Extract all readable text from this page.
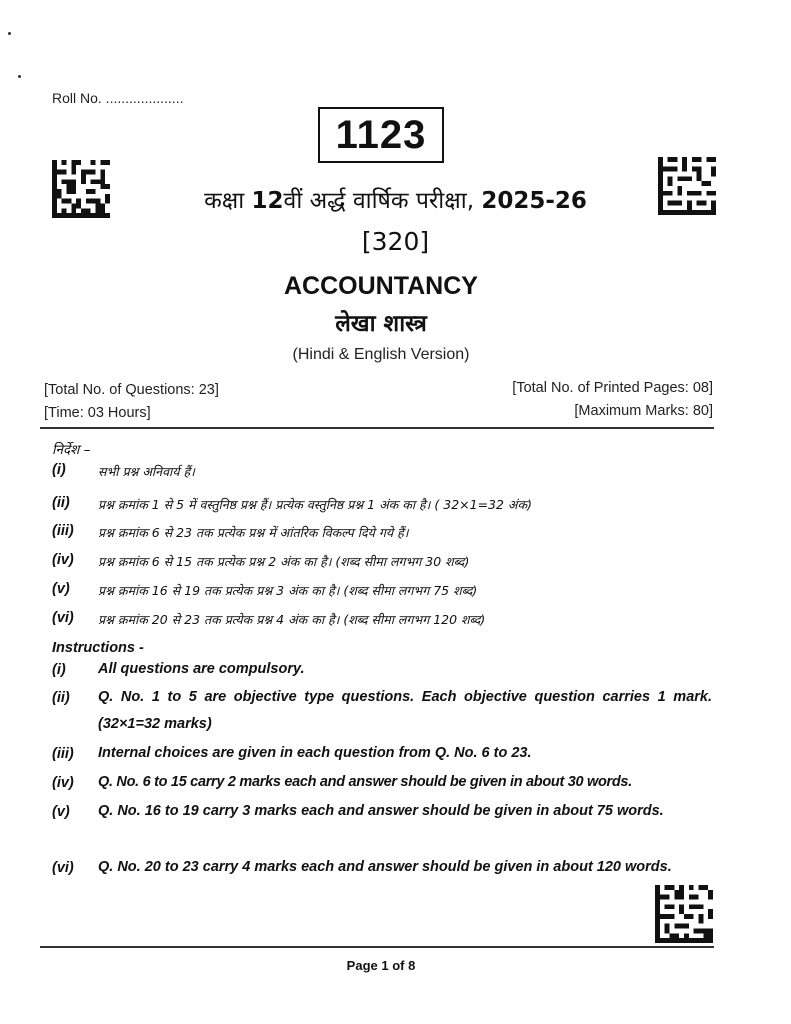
Roll No. ....................
1123
कक्षा 12वीं अर्द्ध वार्षिक परीक्षा, 2025-26
[320]
ACCOUNTANCY
लेखा शास्त्र
(Hindi & English Version)
[Total No. of Questions: 23]
[Time: 03 Hours]
[Total No. of Printed Pages: 08]
[Maximum Marks: 80]
निर्देश –
(i)	सभी प्रश्न अनिवार्य हैं।
(ii)	प्रश्न क्रमांक 1 से 5 में वस्तुनिष्ठ प्रश्न हैं। प्रत्येक वस्तुनिष्ठ प्रश्न 1 अंक का है। ( 32×1=32 अंक)
(iii)	प्रश्न क्रमांक 6 से 23 तक प्रत्येक प्रश्न में आंतरिक विकल्प दिये गये हैं।
(iv)	प्रश्न क्रमांक 6 से 15 तक प्रत्येक प्रश्न 2 अंक का है। (शब्द सीमा लगभग 30 शब्द)
(v)	प्रश्न क्रमांक 16 से 19 तक प्रत्येक प्रश्न 3 अंक का है। (शब्द सीमा लगभग 75 शब्द)
(vi)	प्रश्न क्रमांक 20 से 23 तक प्रत्येक प्रश्न 4 अंक का है। (शब्द सीमा लगभग 120 शब्द)
Instructions -
(i)	All questions are compulsory.
(ii)	Q. No. 1 to 5 are objective type questions. Each objective question carries 1 mark. (32×1=32 marks)
(iii)	Internal choices are given in each question from Q. No. 6 to 23.
(iv)	Q. No. 6 to 15 carry 2 marks each and answer should be given in about 30 words.
(v)	Q. No. 16 to 19 carry 3 marks each and answer should be given in about 75 words.
(vi)	Q. No. 20 to 23 carry 4 marks each and answer should be given in about 120 words.
Page 1 of 8
